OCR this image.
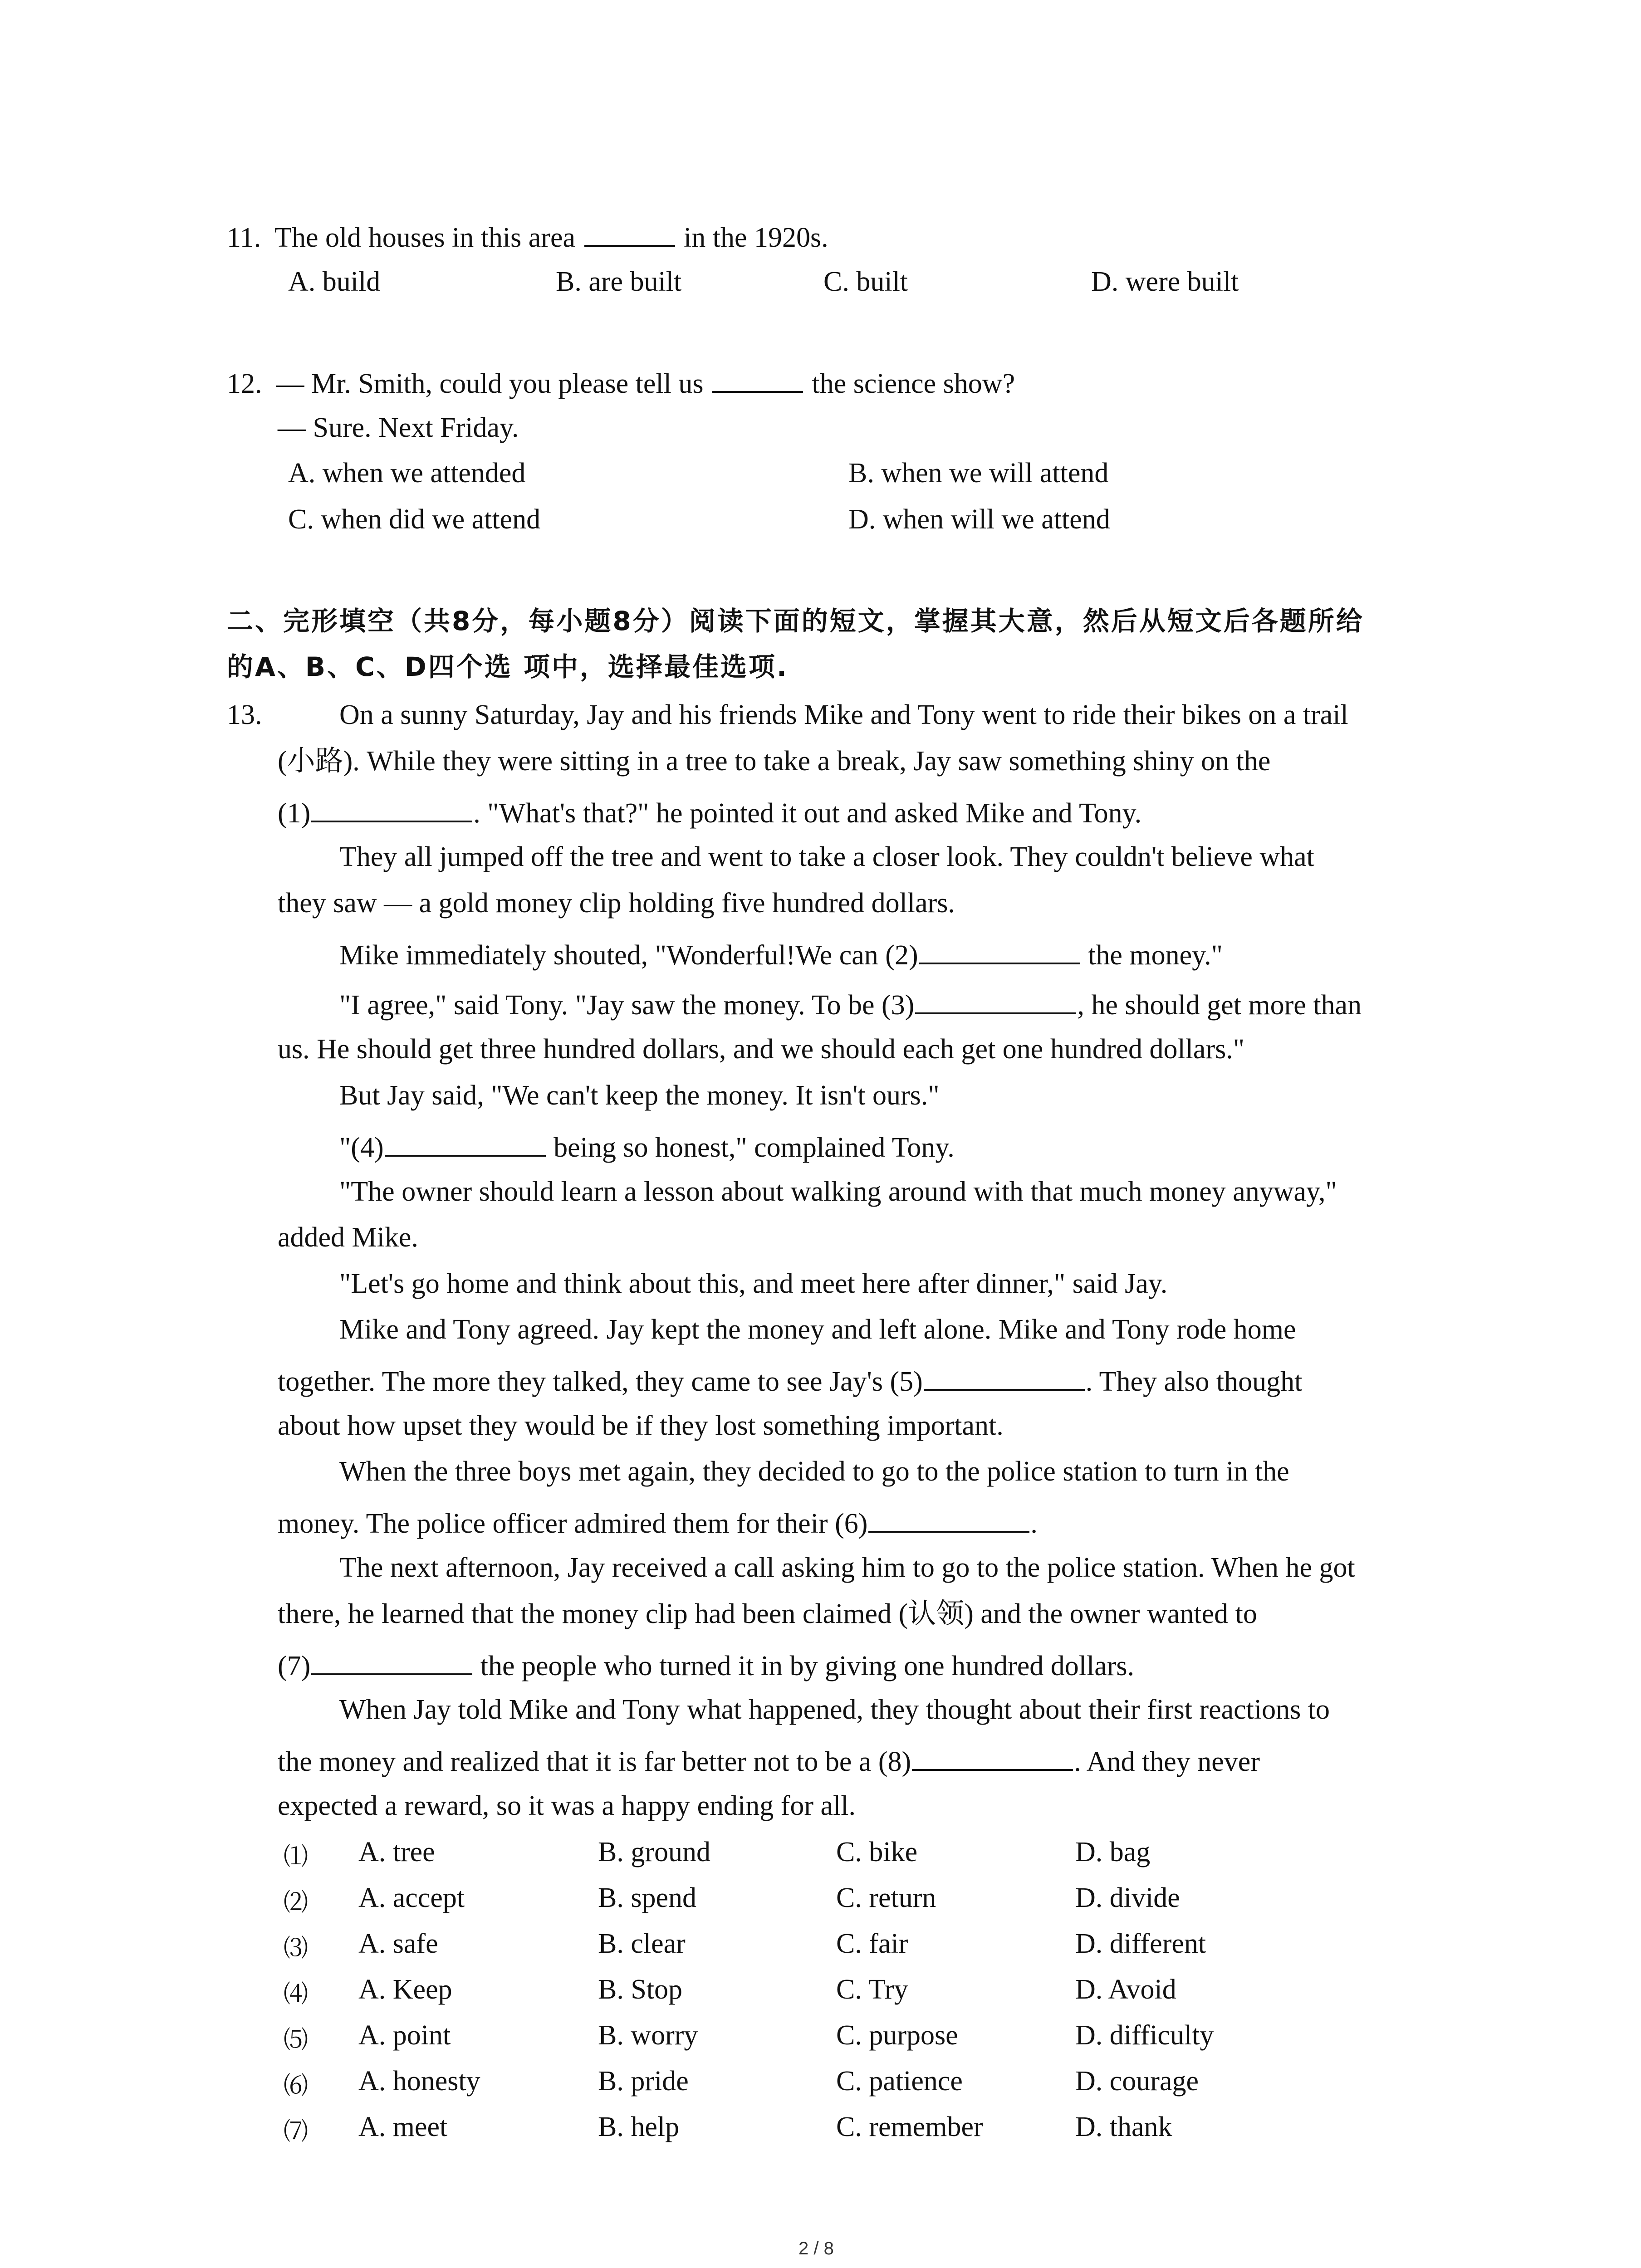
11. The old houses in this area	in the 1920s.
A. build	B. are built	C. built	D. were built
12. — Mr. Smith, could you please tell us	the science show?
— Sure. Next Friday.
A. when we attended	B. when we will attend
C. when did we attend	D. when will we attend
二、完形填空（共8分，每小题8分）阅读下面的短文，掌握其大意，然后从短文后各题所给
的A、B、C、D四个选 项中，选择最佳选项.
13.	On a sunny Saturday, Jay and his friends Mike and Tony went to ride their bikes on a trail
(小路). While they were sitting in a tree to take a break, Jay saw something shiny on the
(1)	. "What's that?" he pointed it out and asked Mike and Tony.
They all jumped off the tree and went to take a closer look. They couldn't believe what
they saw — a gold money clip holding five hundred dollars.
Mike immediately shouted, "Wonderful!We can (2)	the money."
"I agree," said Tony. "Jay saw the money. To be (3)	, he should get more than
us. He should get three hundred dollars, and we should each get one hundred dollars."
But Jay said, "We can't keep the money. It isn't ours."
"(4)	being so honest," complained Tony.
"The owner should learn a lesson about walking around with that much money anyway,"
added Mike.
"Let's go home and think about this, and meet here after dinner," said Jay.
Mike and Tony agreed. Jay kept the money and left alone. Mike and Tony rode home
together. The more they talked, they came to see Jay's (5)	. They also thought
about how upset they would be if they lost something important.
When the three boys met again, they decided to go to the police station to turn in the
money. The police officer admired them for their (6)	.
The next afternoon, Jay received a call asking him to go to the police station. When he got
there, he learned that the money clip had been claimed (认领) and the owner wanted to
(7)	the people who turned it in by giving one hundred dollars.
When Jay told Mike and Tony what happened, they thought about their first reactions to
the money and realized that it is far better not to be a (8)	. And they never
expected a reward, so it was a happy ending for all.
⑴ A. tree	B. ground	C. bike	D. bag
⑵ A. accept	B. spend	C. return	D. divide
⑶ A. safe	B. clear	C. fair	D. different
⑷ A. Keep	B. Stop	C. Try	D. Avoid
⑸ A. point	B. worry	C. purpose	D. difficulty
⑹ A. honesty	B. pride	C. patience	D. courage
⑺ A. meet	B. help	C. remember	D. thank
2 / 8
